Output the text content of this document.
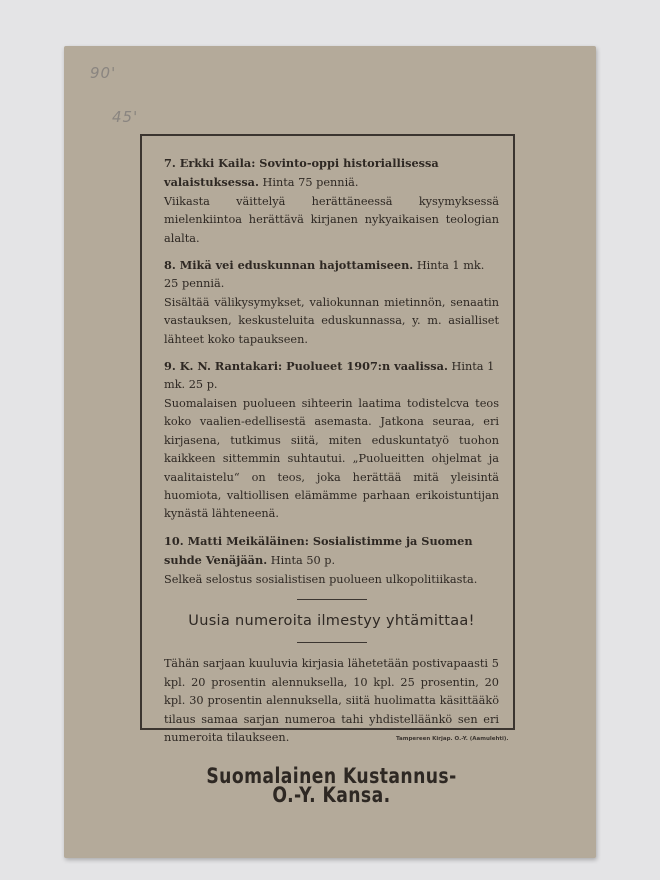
90'
45'
7. Erkki Kaila: Sovinto-oppi historiallisessa valaistuksessa. Hinta 75 penniä.
Viikasta väittelyä herättäneessä kysymyksessä mielenkiintoa herättävä kirjanen nykyaikaisen teologian alalta.
8. Mikä vei eduskunnan hajottamiseen. Hinta 1 mk. 25 penniä.
Sisältää välikysymykset, valiokunnan mietinnön, senaatin vastauksen, keskusteluita eduskunnassa, y. m. asialliset lähteet koko tapaukseen.
9. K. N. Rantakari: Puolueet 1907:n vaalissa. Hinta 1 mk. 25 p.
Suomalaisen puolueen sihteerin laatima todistelcva teos koko vaalien-edellisestä asemasta. Jatkona seuraa, eri kirjasena, tutkimus siitä, miten eduskuntatyö tuohon kaikkeen sittemmin suhtautui. „Puolueitten ohjelmat ja vaalitaistelu“ on teos, joka herättää mitä yleisintä huomiota, valtiollisen elämämme parhaan erikoistuntijan kynästä lähteneenä.
10. Matti Meikäläinen: Sosialistimme ja Suomen suhde Venäjään. Hinta 50 p.
Selkeä selostus sosialistisen puolueen ulkopolitiikasta.
Uusia numeroita ilmestyy yhtämittaa!
Tähän sarjaan kuuluvia kirjasia lähetetään postivapaasti 5 kpl. 20 prosentin alennuksella, 10 kpl. 25 prosentin, 20 kpl. 30 prosentin alennuksella, siitä huolimatta käsittääkö tilaus samaa sarjan numeroa tahi yhdistelläänkö sen eri numeroita tilaukseen.
Suomalainen Kustannus-O.-Y. Kansa.
Tampereen Kirjap. O.-Y. (Aamulehti).
